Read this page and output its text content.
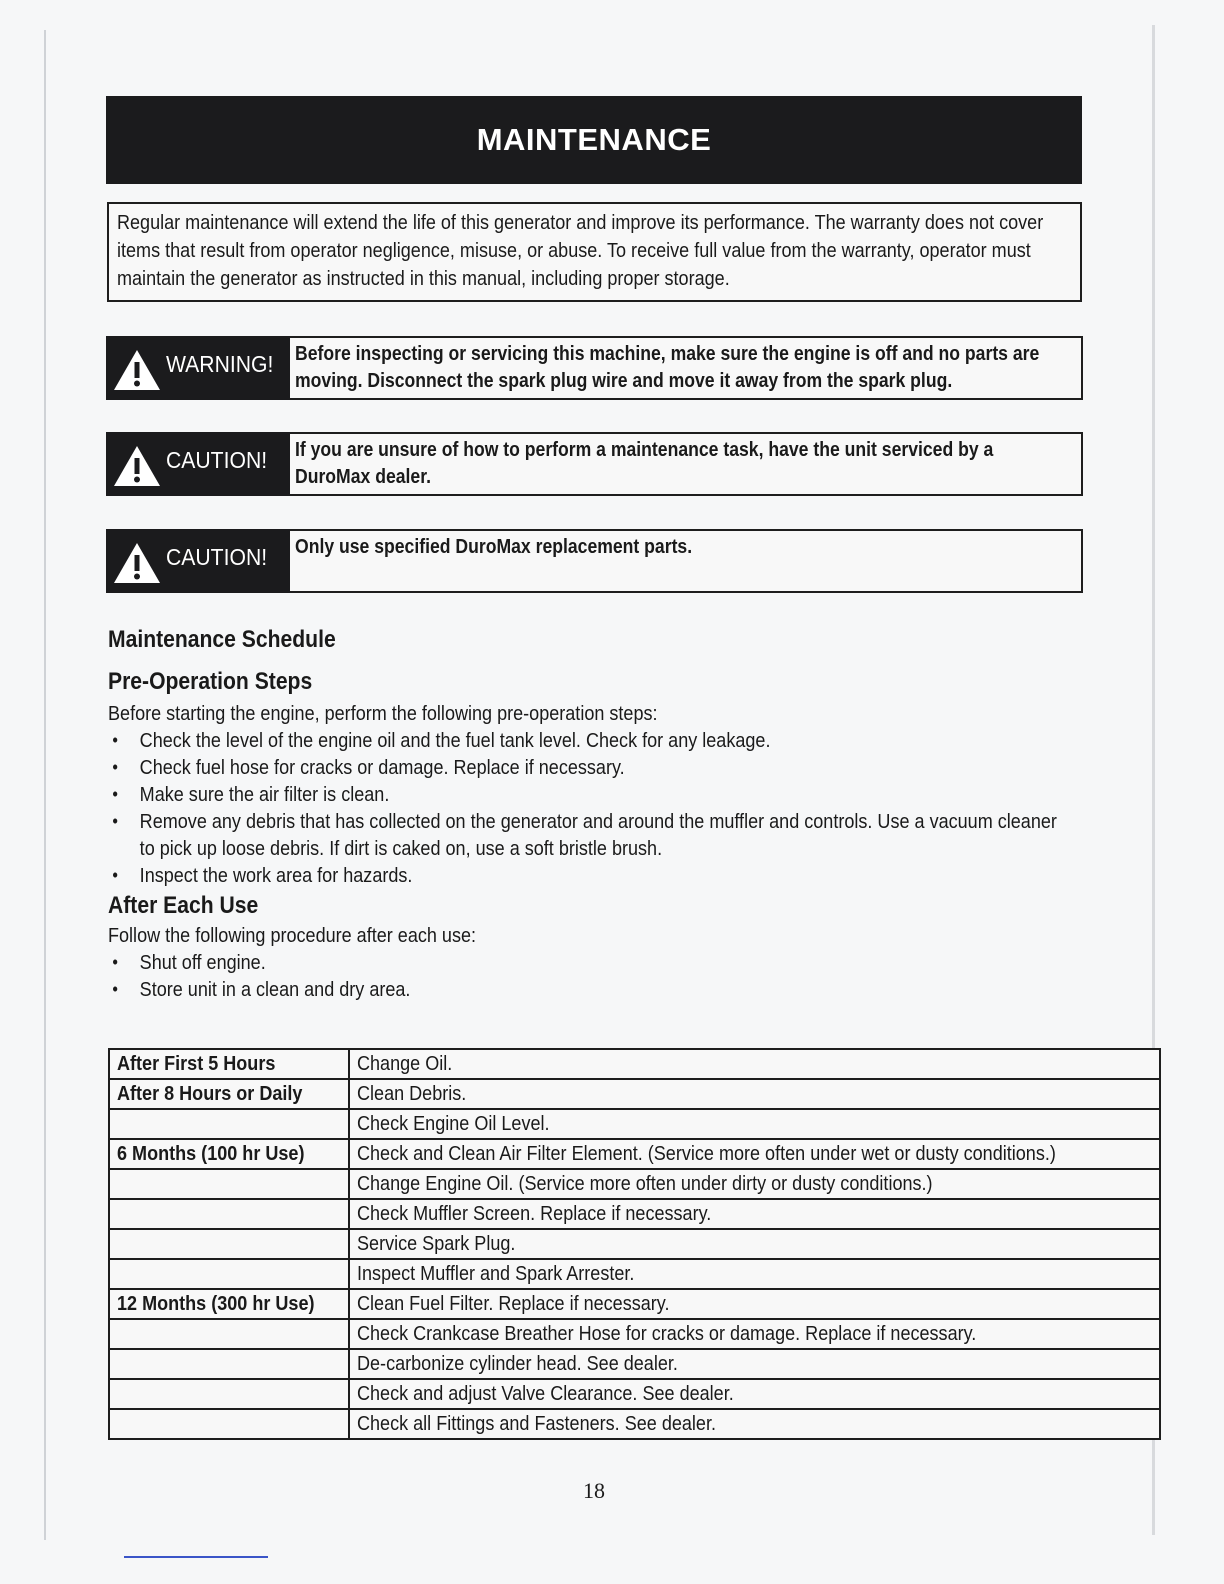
MAINTENANCE

Regular maintenance will extend the life of this generator and improve its performance. The warranty does not cover items that result from operator negligence, misuse, or abuse. To receive full value from the warranty, operator must maintain the generator as instructed in this manual, including proper storage.

WARNING! Before inspecting or servicing this machine, make sure the engine is off and no parts are moving. Disconnect the spark plug wire and move it away from the spark plug.

CAUTION! If you are unsure of how to perform a maintenance task, have the unit serviced by a DuroMax dealer.

CAUTION! Only use specified DuroMax replacement parts.

Maintenance Schedule
Pre-Operation Steps
Before starting the engine, perform the following pre-operation steps:
• Check the level of the engine oil and the fuel tank level. Check for any leakage.
• Check fuel hose for cracks or damage. Replace if necessary.
• Make sure the air filter is clean.
• Remove any debris that has collected on the generator and around the muffler and controls. Use a vacuum cleaner to pick up loose debris. If dirt is caked on, use a soft bristle brush.
• Inspect the work area for hazards.
After Each Use
Follow the following procedure after each use:
• Shut off engine.
• Store unit in a clean and dry area.
After First 5 Hours	Change Oil.
After 8 Hours or Daily	Clean Debris.
	Check Engine Oil Level.
6 Months (100 hr Use)	Check and Clean Air Filter Element. (Service more often under wet or dusty conditions.)
	Change Engine Oil. (Service more often under dirty or dusty conditions.)
	Check Muffler Screen. Replace if necessary.
	Service Spark Plug.
	Inspect Muffler and Spark Arrester.
12 Months (300 hr Use)	Clean Fuel Filter. Replace if necessary.
	Check Crankcase Breather Hose for cracks or damage. Replace if necessary.
	De-carbonize cylinder head. See dealer.
	Check and adjust Valve Clearance. See dealer.
	Check all Fittings and Fasteners. See dealer.
18
